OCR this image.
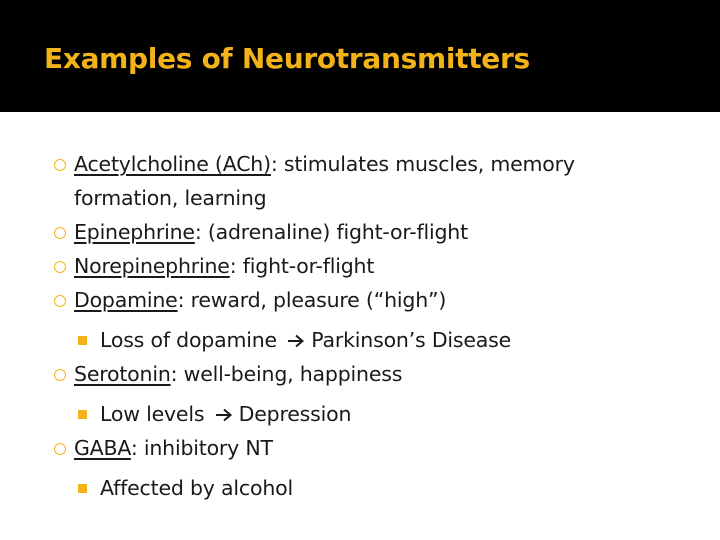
Examples of Neurotransmitters
Acetylcholine (ACh): stimulates muscles, memory
formation, learning
Epinephrine: (adrenaline) fight-or-flight
Norepinephrine: fight-or-flight
Dopamine: reward, pleasure (“high”)
Loss of dopamine Parkinson’s Disease
Serotonin: well-being, happiness
Low levels Depression
GABA: inhibitory NT
Affected by alcohol
